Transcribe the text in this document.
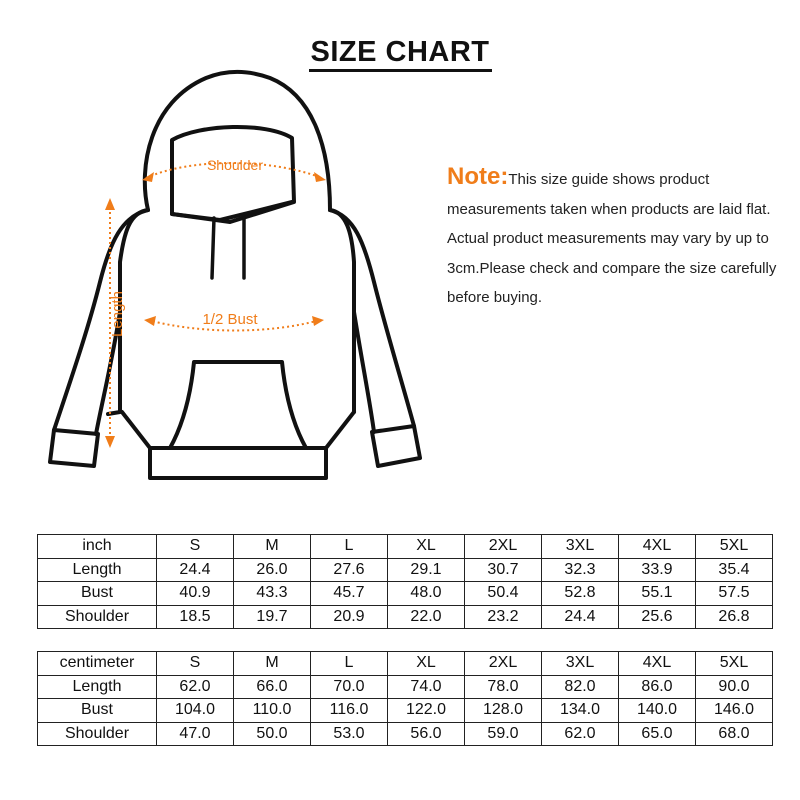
SIZE CHART
Shoulder
1/2 Bust
Length
Note:This size guide shows product measurements taken when products are laid flat. Actual product measurements may vary by up to 3cm.Please check and compare the size carefully before buying.
inch	S	M	L	XL	2XL	3XL	4XL	5XL
Length	24.4	26.0	27.6	29.1	30.7	32.3	33.9	35.4
Bust	40.9	43.3	45.7	48.0	50.4	52.8	55.1	57.5
Shoulder	18.5	19.7	20.9	22.0	23.2	24.4	25.6	26.8
centimeter	S	M	L	XL	2XL	3XL	4XL	5XL
Length	62.0	66.0	70.0	74.0	78.0	82.0	86.0	90.0
Bust	104.0	110.0	116.0	122.0	128.0	134.0	140.0	146.0
Shoulder	47.0	50.0	53.0	56.0	59.0	62.0	65.0	68.0
